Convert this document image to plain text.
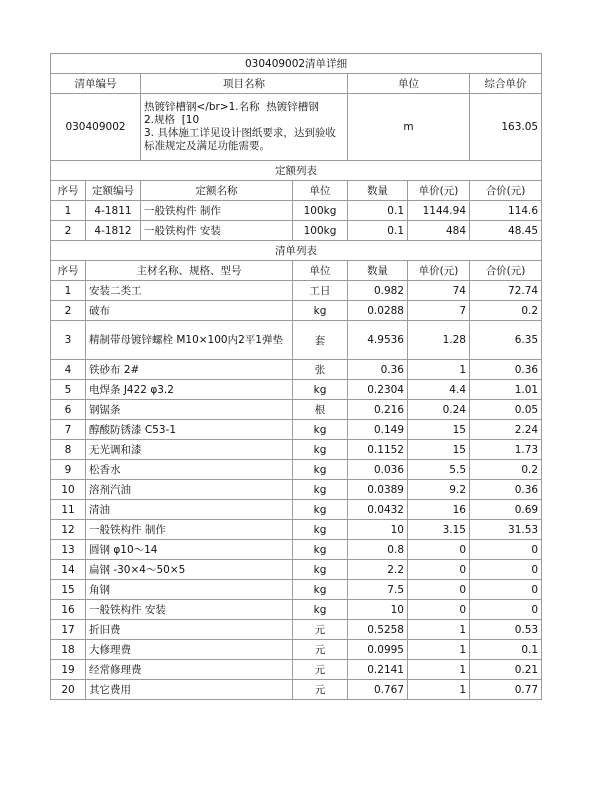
030409002清单详细						
清单编号		项目名称		单位		综合单价
030409002		热镀锌槽钢</br>1.名称  热镀锌槽钢
2.规格  [10
3. 具体施工详见设计图纸要求，达到验收标准规定及满足功能需要。		m		163.05
定额列表						
序号	定额编号	定额名称	单位	数量	单价(元)	合价(元)
1	4-1811	一般铁构件 制作	100kg	0.1	1144.94	114.6
2	4-1812	一般铁构件 安装	100kg	0.1	484	48.45
清单列表						
序号	主材名称、规格、型号		单位	数量	单价(元)	合价(元)
1	安装二类工		工日	0.982	74	72.74
2	破布		kg	0.0288	7	0.2
3	精制带母镀锌螺栓 M10×100内2平1弹垫		套	4.9536	1.28	6.35
4	铁砂布 2#		张	0.36	1	0.36
5	电焊条 J422 φ3.2		kg	0.2304	4.4	1.01
6	钢锯条		根	0.216	0.24	0.05
7	醇酸防锈漆 C53-1		kg	0.149	15	2.24
8	无光调和漆		kg	0.1152	15	1.73
9	松香水		kg	0.036	5.5	0.2
10	溶剂汽油		kg	0.0389	9.2	0.36
11	清油		kg	0.0432	16	0.69
12	一般铁构件 制作		kg	10	3.15	31.53
13	圆钢 φ10～14		kg	0.8	0	0
14	扁钢 -30×4～50×5		kg	2.2	0	0
15	角钢		kg	7.5	0	0
16	一般铁构件 安装		kg	10	0	0
17	折旧费		元	0.5258	1	0.53
18	大修理费		元	0.0995	1	0.1
19	经常修理费		元	0.2141	1	0.21
20	其它费用		元	0.767	1	0.77
